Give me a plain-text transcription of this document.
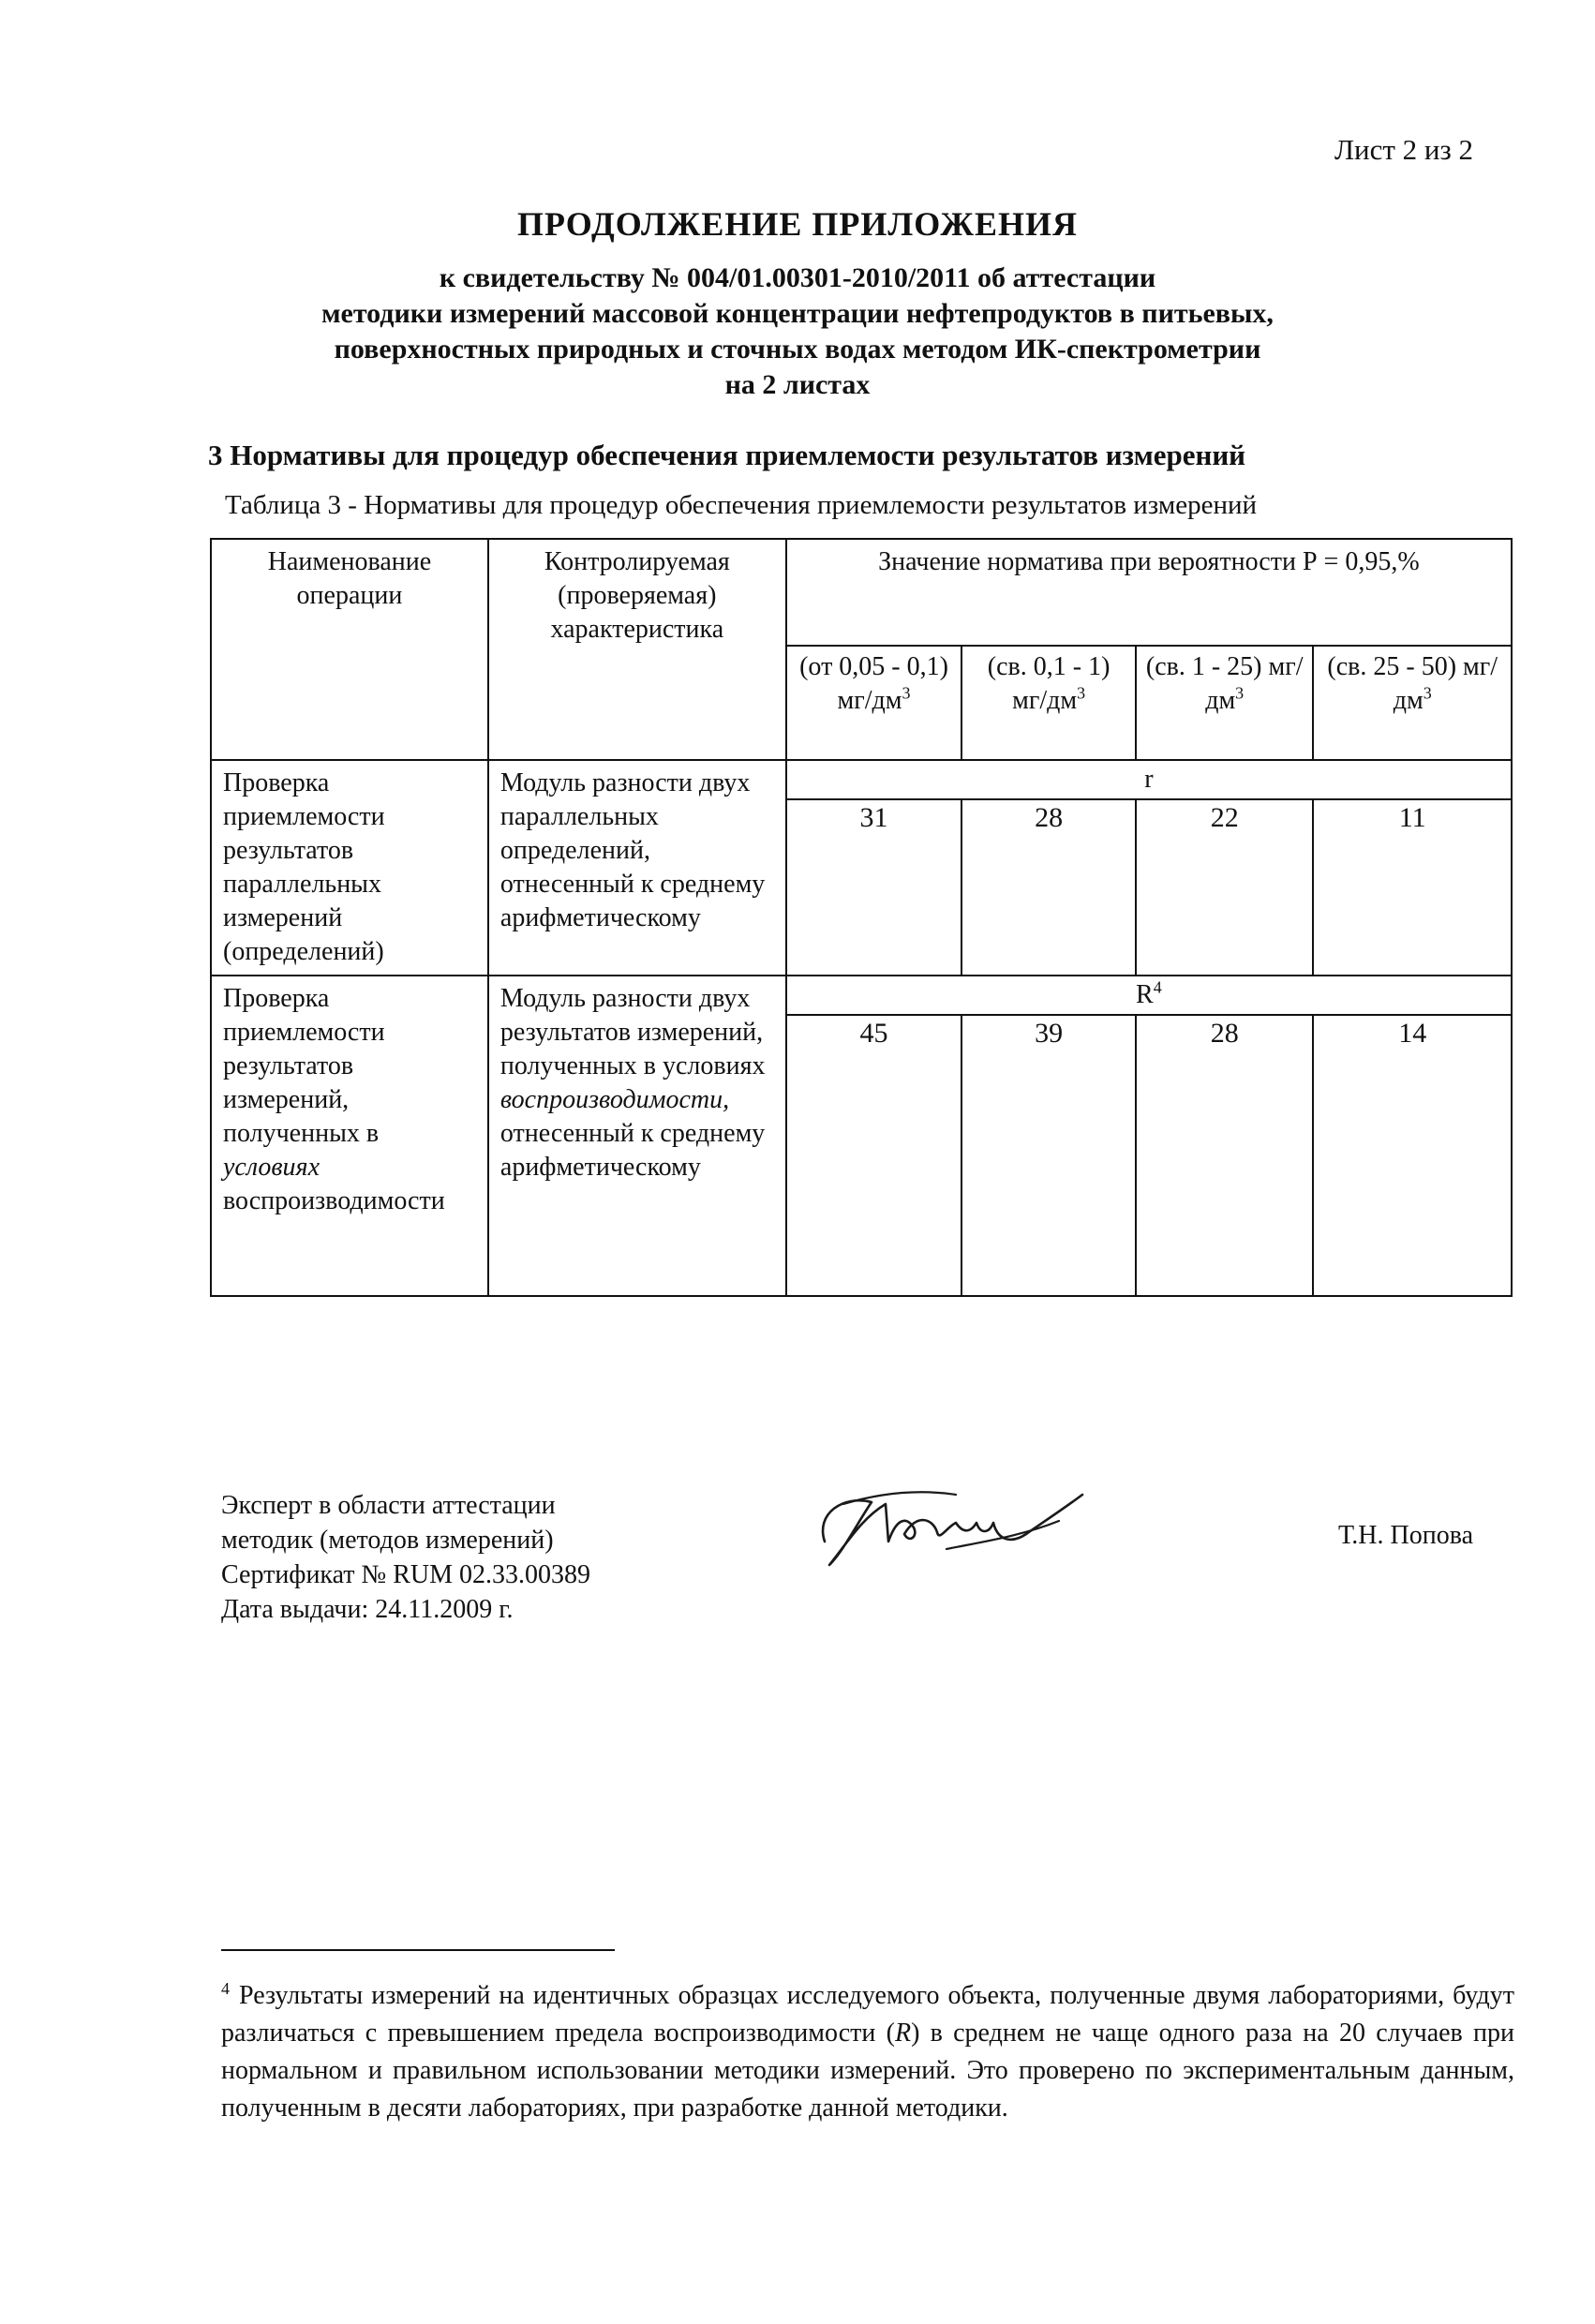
Лист 2 из 2
ПРОДОЛЖЕНИЕ ПРИЛОЖЕНИЯ
к свидетельству № 004/01.00301-2010/2011 об аттестации
методики измерений массовой концентрации нефтепродуктов в питьевых,
поверхностных природных и сточных водах методом ИК-спектрометрии
на 2 листах
3 Нормативы для процедур обеспечения приемлемости результатов измерений
Таблица 3 - Нормативы для процедур обеспечения приемлемости результатов измерений
Наименование операции	Контролируемая (проверяемая) характеристика	Значение норматива при вероятности Р = 0,95,%			
		(от 0,05 - 0,1) $мг/дм^3$	(св. 0,1 - 1) $мг/дм^3$	(св. 1 - 25) $мг/дм^3$	(св. 25 - 50) $мг/дм^3$
Проверка приемлемости результатов параллельных измерений (определений)	Модуль разности двух параллельных определений, отнесенный к среднему арифметическому	r			
		31	28	22	11
Проверка приемлемости результатов измерений, полученных в условиях воспроизводимости	Модуль разности двух результатов измерений, полученных в условиях воспроизводимости, отнесенный к среднему арифметическому	$R^4$
		45	39	28	14
Эксперт в области аттестации
методик (методов измерений)
Сертификат № RUM 02.33.00389
Дата выдачи: 24.11.2009 г.
Т.Н. Попова
$^4$ Результаты измерений на идентичных образцах исследуемого объекта, полученные двумя лабораториями, будут различаться с превышением предела воспроизводимости (R) в среднем не чаще одного раза на 20 случаев при нормальном и правильном использовании методики измерений. Это проверено по экспериментальным данным, полученным в десяти лабораториях, при разработке данной методики.
